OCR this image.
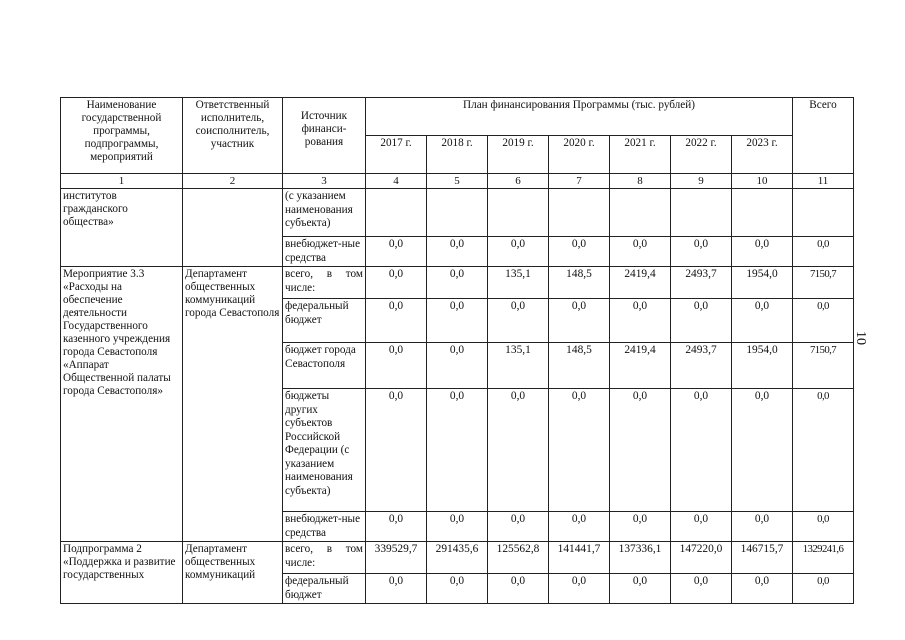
Наименование государственной программы, подпрограммы, мероприятий	Ответственный исполнитель, соисполнитель, участник	Источник финанси-рования	План финансирования Программы (тыс. рублей)							Всего
			2017 г.	2018 г.	2019 г.	2020 г.	2021 г.	2022 г.	2023 г.	
1	2	3	4	5	6	7	8	9	10	11
институтов гражданского общества»		(с указанием наименования субъекта)								
		внебюджет-ные средства	0,0	0,0	0,0	0,0	0,0	0,0	0,0	0,0
Мероприятие 3.3 «Расходы на обеспечение деятельности Государственного казенного учреждения города Севастополя «Аппарат Общественной палаты города Севастополя»	Департамент общественных коммуникаций города Севастополя	всего, в том числе:	0,0	0,0	135,1	148,5	2419,4	2493,7	1954,0	7150,7
		федеральный бюджет	0,0	0,0	0,0	0,0	0,0	0,0	0,0	0,0
		бюджет города Севастополя	0,0	0,0	135,1	148,5	2419,4	2493,7	1954,0	7150,7
		бюджеты других субъектов Российской Федерации (с указанием наименования субъекта)	0,0	0,0	0,0	0,0	0,0	0,0	0,0	0,0
		внебюджет-ные средства	0,0	0,0	0,0	0,0	0,0	0,0	0,0	0,0
Подпрограмма 2 «Поддержка и развитие государственных	Департамент общественных коммуникаций	всего, в том числе:	339529,7	291435,6	125562,8	141441,7	137336,1	147220,0	146715,7	1329241,6
		федеральный бюджет	0,0	0,0	0,0	0,0	0,0	0,0	0,0	0,0
10
